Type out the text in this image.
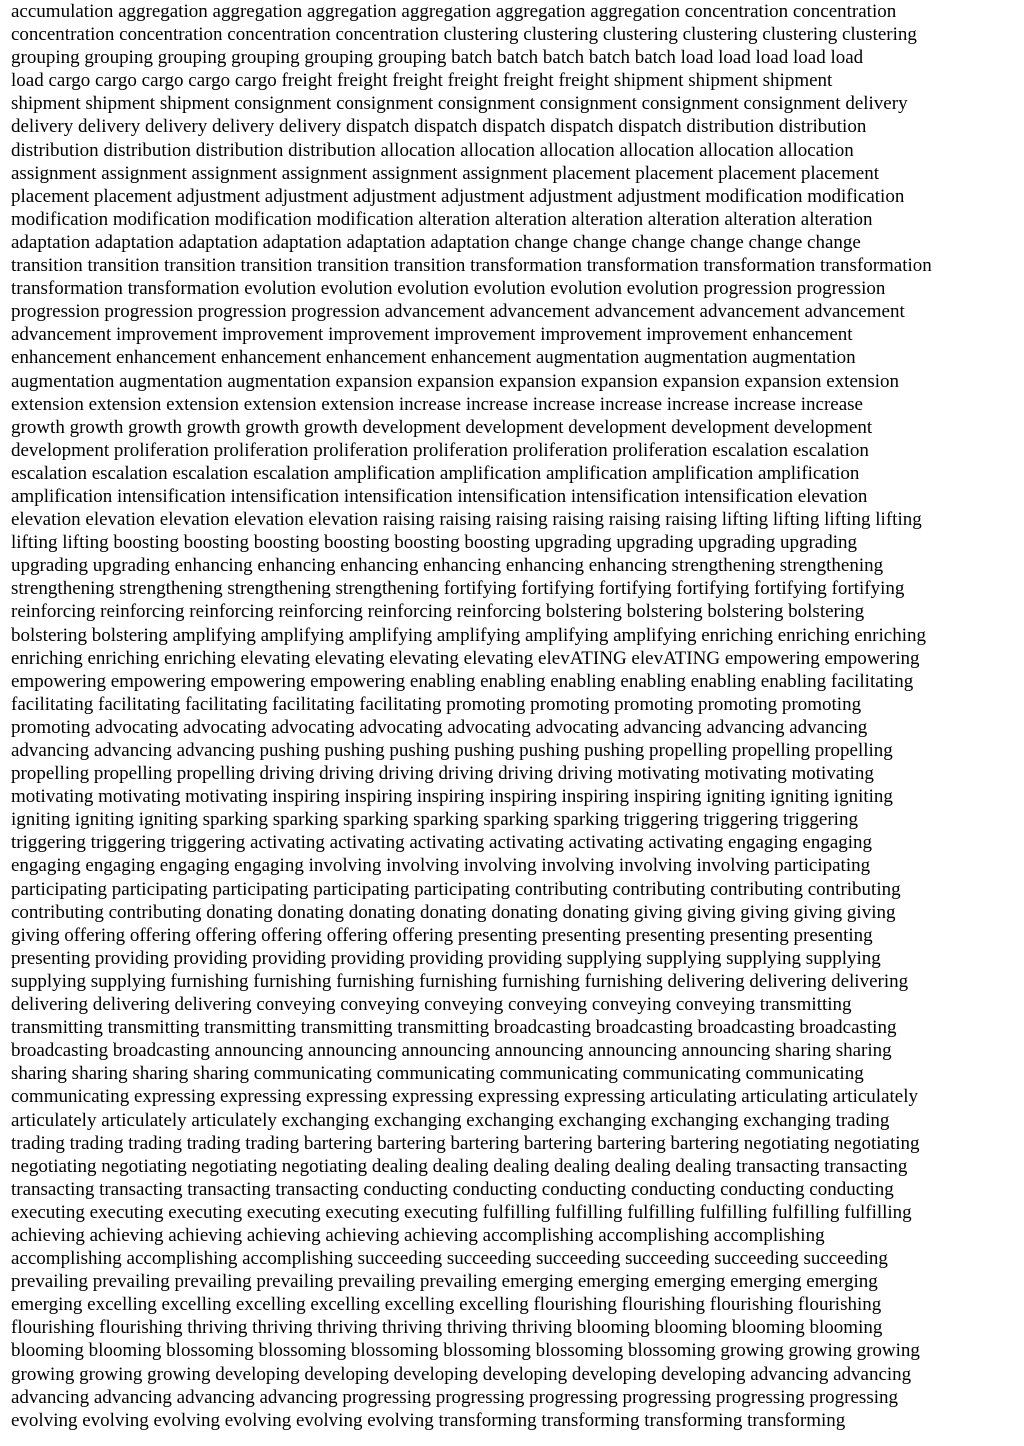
accumulation aggregation aggregation aggregation aggregation aggregation aggregation concentration concentration
concentration concentration concentration concentration clustering clustering clustering clustering clustering clustering
grouping grouping grouping grouping grouping grouping batch batch batch batch batch load load load load load
load cargo cargo cargo cargo cargo freight freight freight freight freight freight shipment shipment shipment
shipment shipment shipment consignment consignment consignment consignment consignment consignment delivery
delivery delivery delivery delivery delivery dispatch dispatch dispatch dispatch dispatch distribution distribution
distribution distribution distribution distribution allocation allocation allocation allocation allocation allocation
assignment assignment assignment assignment assignment assignment placement placement placement placement
placement placement adjustment adjustment adjustment adjustment adjustment adjustment modification modification
modification modification modification modification alteration alteration alteration alteration alteration alteration
adaptation adaptation adaptation adaptation adaptation adaptation change change change change change change
transition transition transition transition transition transition transformation transformation transformation transformation
transformation transformation evolution evolution evolution evolution evolution evolution progression progression
progression progression progression progression advancement advancement advancement advancement advancement
advancement improvement improvement improvement improvement improvement improvement enhancement
enhancement enhancement enhancement enhancement enhancement augmentation augmentation augmentation
augmentation augmentation augmentation expansion expansion expansion expansion expansion expansion extension
extension extension extension extension extension increase increase increase increase increase increase increase
growth growth growth growth growth growth development development development development development
development proliferation proliferation proliferation proliferation proliferation proliferation escalation escalation
escalation escalation escalation escalation amplification amplification amplification amplification amplification
amplification intensification intensification intensification intensification intensification intensification elevation
elevation elevation elevation elevation elevation raising raising raising raising raising raising lifting lifting lifting lifting
lifting lifting boosting boosting boosting boosting boosting boosting upgrading upgrading upgrading upgrading
upgrading upgrading enhancing enhancing enhancing enhancing enhancing enhancing strengthening strengthening
strengthening strengthening strengthening strengthening fortifying fortifying fortifying fortifying fortifying fortifying
reinforcing reinforcing reinforcing reinforcing reinforcing reinforcing bolstering bolstering bolstering bolstering
bolstering bolstering amplifying amplifying amplifying amplifying amplifying amplifying enriching enriching enriching
enriching enriching enriching elevating elevating elevating elevating elevATING elevATING empowering empowering
empowering empowering empowering empowering enabling enabling enabling enabling enabling enabling facilitating
facilitating facilitating facilitating facilitating facilitating promoting promoting promoting promoting promoting
promoting advocating advocating advocating advocating advocating advocating advancing advancing advancing
advancing advancing advancing pushing pushing pushing pushing pushing pushing propelling propelling propelling
propelling propelling propelling driving driving driving driving driving driving motivating motivating motivating
motivating motivating motivating inspiring inspiring inspiring inspiring inspiring inspiring igniting igniting igniting
igniting igniting igniting sparking sparking sparking sparking sparking sparking triggering triggering triggering
triggering triggering triggering activating activating activating activating activating activating engaging engaging
engaging engaging engaging engaging involving involving involving involving involving involving participating
participating participating participating participating participating contributing contributing contributing contributing
contributing contributing donating donating donating donating donating donating giving giving giving giving giving
giving offering offering offering offering offering offering presenting presenting presenting presenting presenting
presenting providing providing providing providing providing providing supplying supplying supplying supplying
supplying supplying furnishing furnishing furnishing furnishing furnishing furnishing delivering delivering delivering
delivering delivering delivering conveying conveying conveying conveying conveying conveying transmitting
transmitting transmitting transmitting transmitting transmitting broadcasting broadcasting broadcasting broadcasting
broadcasting broadcasting announcing announcing announcing announcing announcing announcing sharing sharing
sharing sharing sharing sharing communicating communicating communicating communicating communicating
communicating expressing expressing expressing expressing expressing expressing articulating articulating articulately
articulately articulately articulately exchanging exchanging exchanging exchanging exchanging exchanging trading
trading trading trading trading trading bartering bartering bartering bartering bartering bartering negotiating negotiating
negotiating negotiating negotiating negotiating dealing dealing dealing dealing dealing dealing transacting transacting
transacting transacting transacting transacting conducting conducting conducting conducting conducting conducting
executing executing executing executing executing executing fulfilling fulfilling fulfilling fulfilling fulfilling fulfilling
achieving achieving achieving achieving achieving achieving accomplishing accomplishing accomplishing
accomplishing accomplishing accomplishing succeeding succeeding succeeding succeeding succeeding succeeding
prevailing prevailing prevailing prevailing prevailing prevailing emerging emerging emerging emerging emerging
emerging excelling excelling excelling excelling excelling excelling flourishing flourishing flourishing flourishing
flourishing flourishing thriving thriving thriving thriving thriving thriving blooming blooming blooming blooming
blooming blooming blossoming blossoming blossoming blossoming blossoming blossoming growing growing growing
growing growing growing developing developing developing developing developing developing advancing advancing
advancing advancing advancing advancing progressing progressing progressing progressing progressing progressing
evolving evolving evolving evolving evolving evolving transforming transforming transforming transforming
